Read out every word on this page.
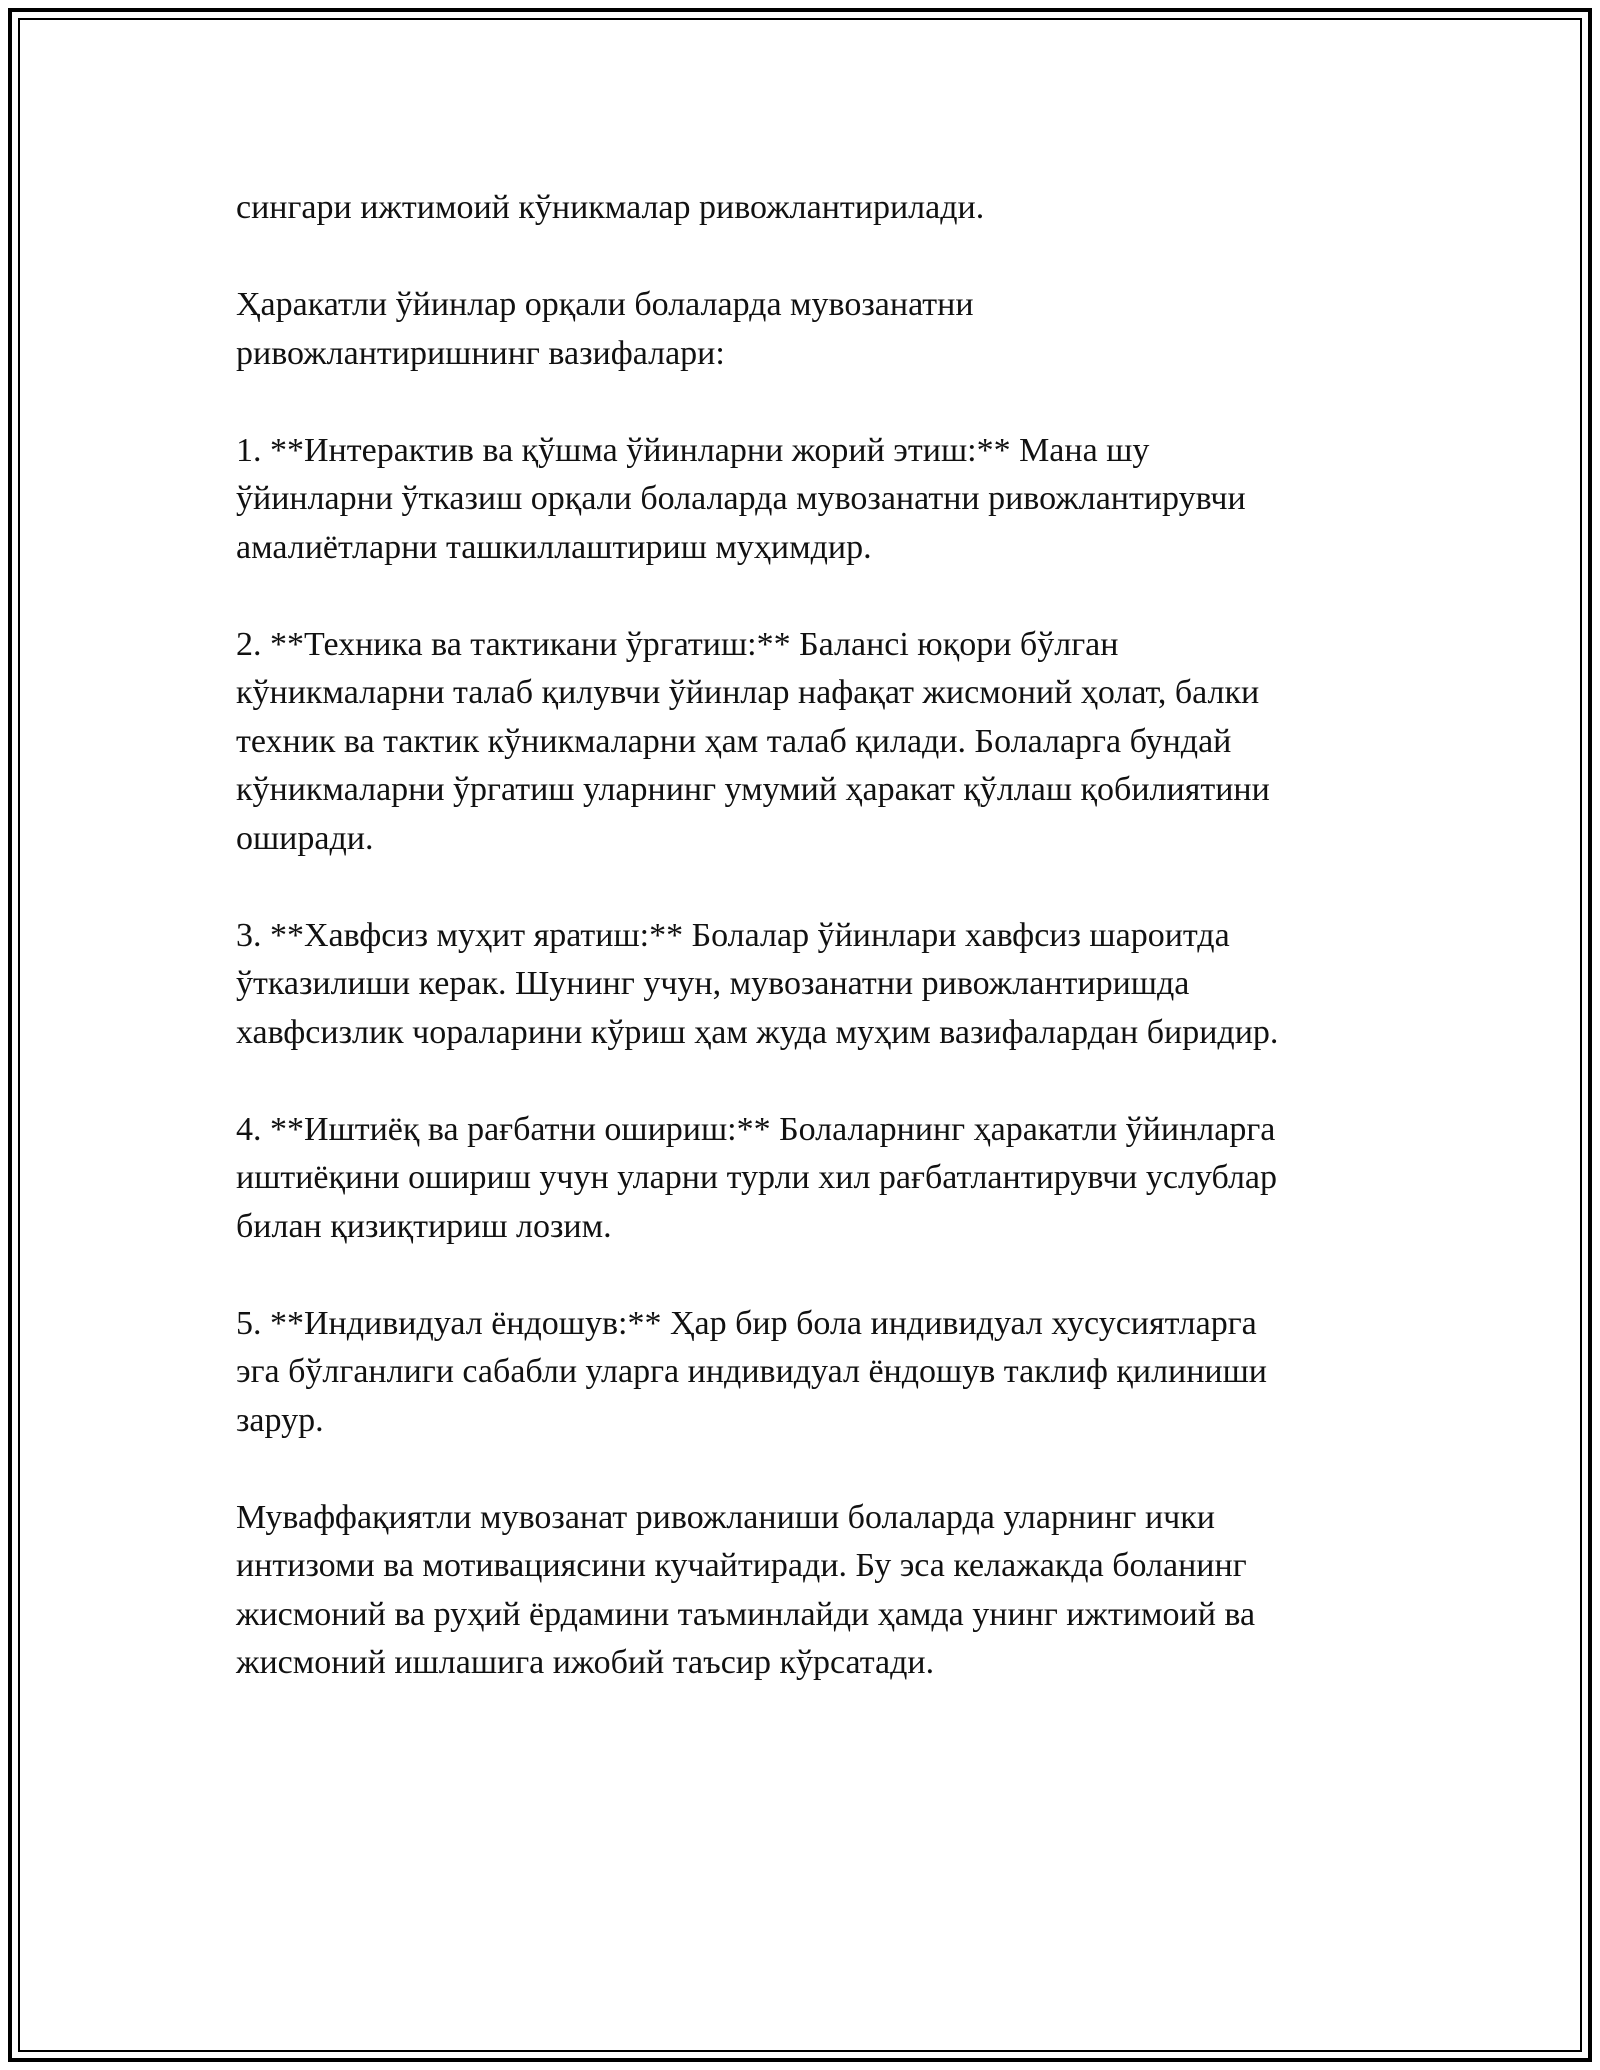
сингари ижтимоий кўникмалар ривожлантирилади.

Ҳаракатли ўйинлар орқали болаларда мувозанатни
ривожлантиришнинг вазифалари:

1. **Интерактив ва қўшма ўйинларни жорий этиш:** Мана шу
ўйинларни ўтказиш орқали болаларда мувозанатни ривожлантирувчи
амалиётларни ташкиллаштириш муҳимдир.

2. **Техника ва тактикани ўргатиш:** Балансi юқори бўлган
кўникмаларни талаб қилувчи ўйинлар нафақат жисмоний ҳолат, балки
техник ва тактик кўникмаларни ҳам талаб қилади. Болаларга бундай
кўникмаларни ўргатиш уларнинг умумий ҳаракат қўллаш қобилиятини
оширади.

3. **Хавфсиз муҳит яратиш:** Болалар ўйинлари хавфсиз шароитда
ўтказилиши керак. Шунинг учун, мувозанатни ривожлантиришда
хавфсизлик чораларини кўриш ҳам жуда муҳим вазифалардан биридир.

4. **Иштиёқ ва рағбатни ошириш:** Болаларнинг ҳаракатли ўйинларга
иштиёқини ошириш учун уларни турли хил рағбатлантирувчи услублар
билан қизиқтириш лозим.

5. **Индивидуал ёндошув:** Ҳар бир бола индивидуал хусусиятларга
эга бўлганлиги сабабли уларга индивидуал ёндошув таклиф қилиниши
зарур.

Муваффақиятли мувозанат ривожланиши болаларда уларнинг ички
интизоми ва мотивациясини кучайтиради. Бу эса келажакда боланинг
жисмоний ва руҳий ёрдамини таъминлайди ҳамда унинг ижтимоий ва
жисмоний ишлашига ижобий таъсир кўрсатади.
